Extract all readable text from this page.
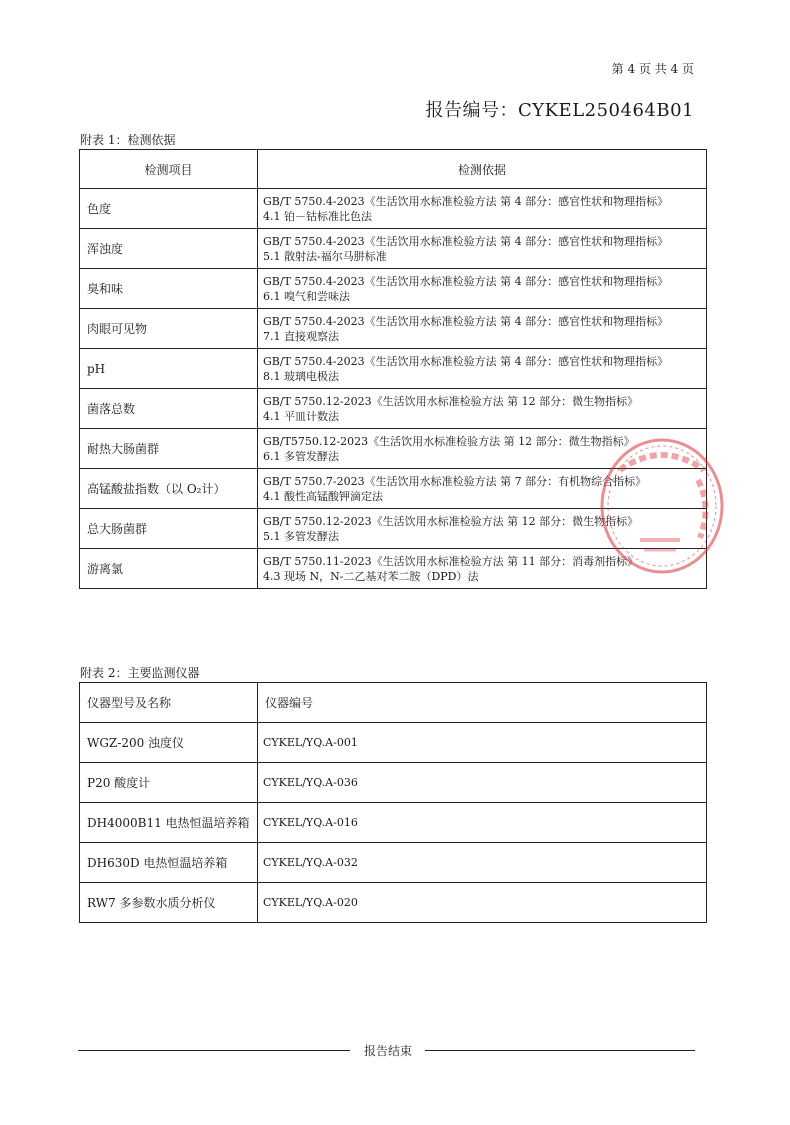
第 4 页 共 4 页
报告编号：CYKEL250464B01
附表 1：检测依据
检测项目	检测依据
色度	GB/T 5750.4-2023《生活饮用水标准检验方法 第 4 部分：感官性状和物理指标》
4.1 铂－钴标准比色法

浑浊度	GB/T 5750.4-2023《生活饮用水标准检验方法 第 4 部分：感官性状和物理指标》
5.1 散射法-福尔马肼标准

臭和味	GB/T 5750.4-2023《生活饮用水标准检验方法 第 4 部分：感官性状和物理指标》
6.1 嗅气和尝味法

肉眼可见物	GB/T 5750.4-2023《生活饮用水标准检验方法 第 4 部分：感官性状和物理指标》
7.1 直接观察法

pH	GB/T 5750.4-2023《生活饮用水标准检验方法 第 4 部分：感官性状和物理指标》
8.1 玻璃电极法

菌落总数	GB/T 5750.12-2023《生活饮用水标准检验方法 第 12 部分：微生物指标》
4.1 平皿计数法

耐热大肠菌群	GB/T5750.12-2023《生活饮用水标准检验方法 第 12 部分：微生物指标》
6.1 多管发酵法

高锰酸盐指数（以 O₂计）	GB/T 5750.7-2023《生活饮用水标准检验方法 第 7 部分：有机物综合指标》
4.1 酸性高锰酸钾滴定法

总大肠菌群	GB/T 5750.12-2023《生活饮用水标准检验方法 第 12 部分：微生物指标》
5.1 多管发酵法

游离氯	GB/T 5750.11-2023《生活饮用水标准检验方法 第 11 部分：消毒剂指标》
4.3 现场 N，N-二乙基对苯二胺（DPD）法
附表 2：主要监测仪器
仪器型号及名称	仪器编号
WGZ-200 浊度仪	CYKEL/YQ.A-001
P20 酸度计	CYKEL/YQ.A-036
DH4000B11 电热恒温培养箱	CYKEL/YQ.A-016
DH630D 电热恒温培养箱	CYKEL/YQ.A-032
RW7 多参数水质分析仪	CYKEL/YQ.A-020
报告结束
